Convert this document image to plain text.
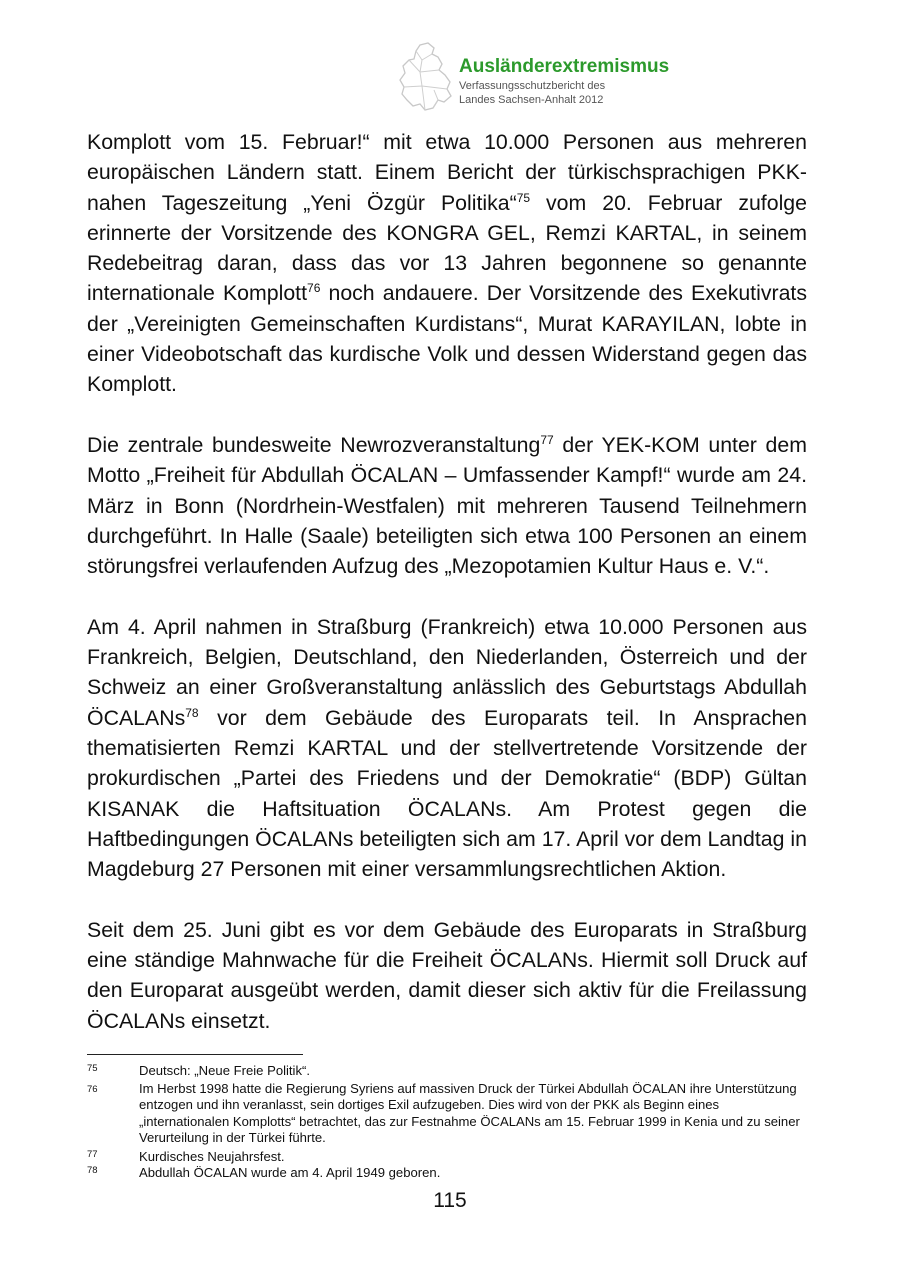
Ausländerextremismus
Verfassungsschutzbericht des
Landes Sachsen-Anhalt 2012

Komplott vom 15. Februar!“ mit etwa 10.000 Personen aus mehreren europäischen Ländern statt. Einem Bericht der türkischsprachigen PKK-nahen Tageszeitung „Yeni Özgür Politika“$^{75}$ vom 20. Februar zufolge erinnerte der Vorsitzende des KONGRA GEL, Remzi KARTAL, in seinem Redebeitrag daran, dass das vor 13 Jahren begonnene so genannte internationale Komplott$^{76}$ noch andauere. Der Vorsitzende des Exekutivrats der „Vereinigten Gemeinschaften Kurdistans“, Murat KARAYILAN, lobte in einer Videobotschaft das kurdische Volk und dessen Widerstand gegen das Komplott.

Die zentrale bundesweite Newrozveranstaltung$^{77}$ der YEK-KOM unter dem Motto „Freiheit für Abdullah ÖCALAN – Umfassender Kampf!“ wurde am 24. März in Bonn (Nordrhein-Westfalen) mit mehreren Tausend Teilnehmern durchgeführt. In Halle (Saale) beteiligten sich etwa 100 Personen an einem störungsfrei verlaufenden Aufzug des „Mezopotamien Kultur Haus e. V.“.

Am 4. April nahmen in Straßburg (Frankreich) etwa 10.000 Personen aus Frankreich, Belgien, Deutschland, den Niederlanden, Österreich und der Schweiz an einer Großveranstaltung anlässlich des Geburtstags Abdullah ÖCALANs$^{78}$ vor dem Gebäude des Europarats teil. In Ansprachen thematisierten Remzi KARTAL und der stellvertretende Vorsitzende der prokurdischen „Partei des Friedens und der Demokratie“ (BDP) Gültan KISANAK die Haftsituation ÖCALANs. Am Protest gegen die Haftbedingungen ÖCALANs beteiligten sich am 17. April vor dem Landtag in Magdeburg 27 Personen mit einer versammlungsrechtlichen Aktion.

Seit dem 25. Juni gibt es vor dem Gebäude des Europarats in Straßburg eine ständige Mahnwache für die Freiheit ÖCALANs. Hiermit soll Druck auf den Europarat ausgeübt werden, damit dieser sich aktiv für die Freilassung ÖCALANs einsetzt.

75	Deutsch: „Neue Freie Politik“.
76	Im Herbst 1998 hatte die Regierung Syriens auf massiven Druck der Türkei Abdullah ÖCALAN ihre Unterstützung entzogen und ihn veranlasst, sein dortiges Exil aufzugeben. Dies wird von der PKK als Beginn eines „internationalen Komplotts“ betrachtet, das zur Festnahme ÖCALANs am 15. Februar 1999 in Kenia und zu seiner Verurteilung in der Türkei führte.
77	Kurdisches Neujahrsfest.
78	Abdullah ÖCALAN wurde am 4. April 1949 geboren.
115
